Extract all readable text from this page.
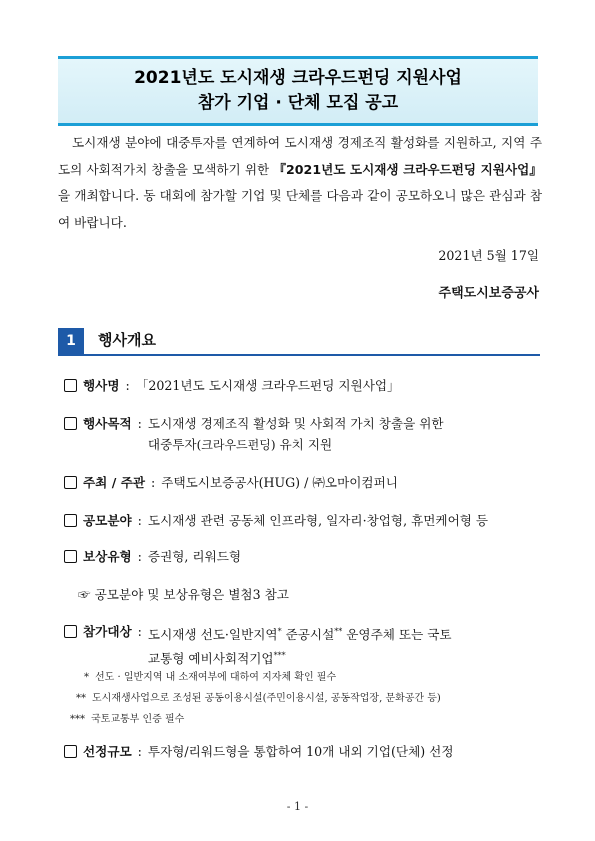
2021년도 도시재생 크라우드펀딩 지원사업
참가 기업 · 단체 모집 공고
도시재생 분야에 대중투자를 연계하여 도시재생 경제조직 활성화를 지원하고, 지역 주도의 사회적가치 창출을 모색하기 위한 『2021년도 도시재생 크라우드펀딩 지원사업』을 개최합니다. 동 대회에 참가할 기업 및 단체를 다음과 같이 공모하오니 많은 관심과 참여 바랍니다.
2021년 5월 17일
주택도시보증공사
1	행사개요
행사명 : 「2021년도 도시재생 크라우드펀딩 지원사업」
행사목적 : 도시재생 경제조직 활성화 및 사회적 가치 창출을 위한
대중투자(크라우드펀딩) 유치 지원
주최 / 주관 : 주택도시보증공사(HUG) / ㈜오마이컴퍼니
공모분야 : 도시재생 관련 공동체 인프라형, 일자리·창업형, 휴먼케어형 등
보상유형 : 증권형, 리워드형
☞ 공모분야 및 보상유형은 별첨3 참고
참가대상 : 도시재생 선도·일반지역* 준공시설** 운영주체 또는 국토
교통형 예비사회적기업***
* 선도 · 일반지역 내 소재여부에 대하여 지자체 확인 필수
** 도시재생사업으로 조성된 공동이용시설(주민이용시설, 공동작업장, 문화공간 등)
*** 국토교통부 인증 필수
선정규모 : 투자형/리워드형을 통합하여 10개 내외 기업(단체) 선정
- 1 -
